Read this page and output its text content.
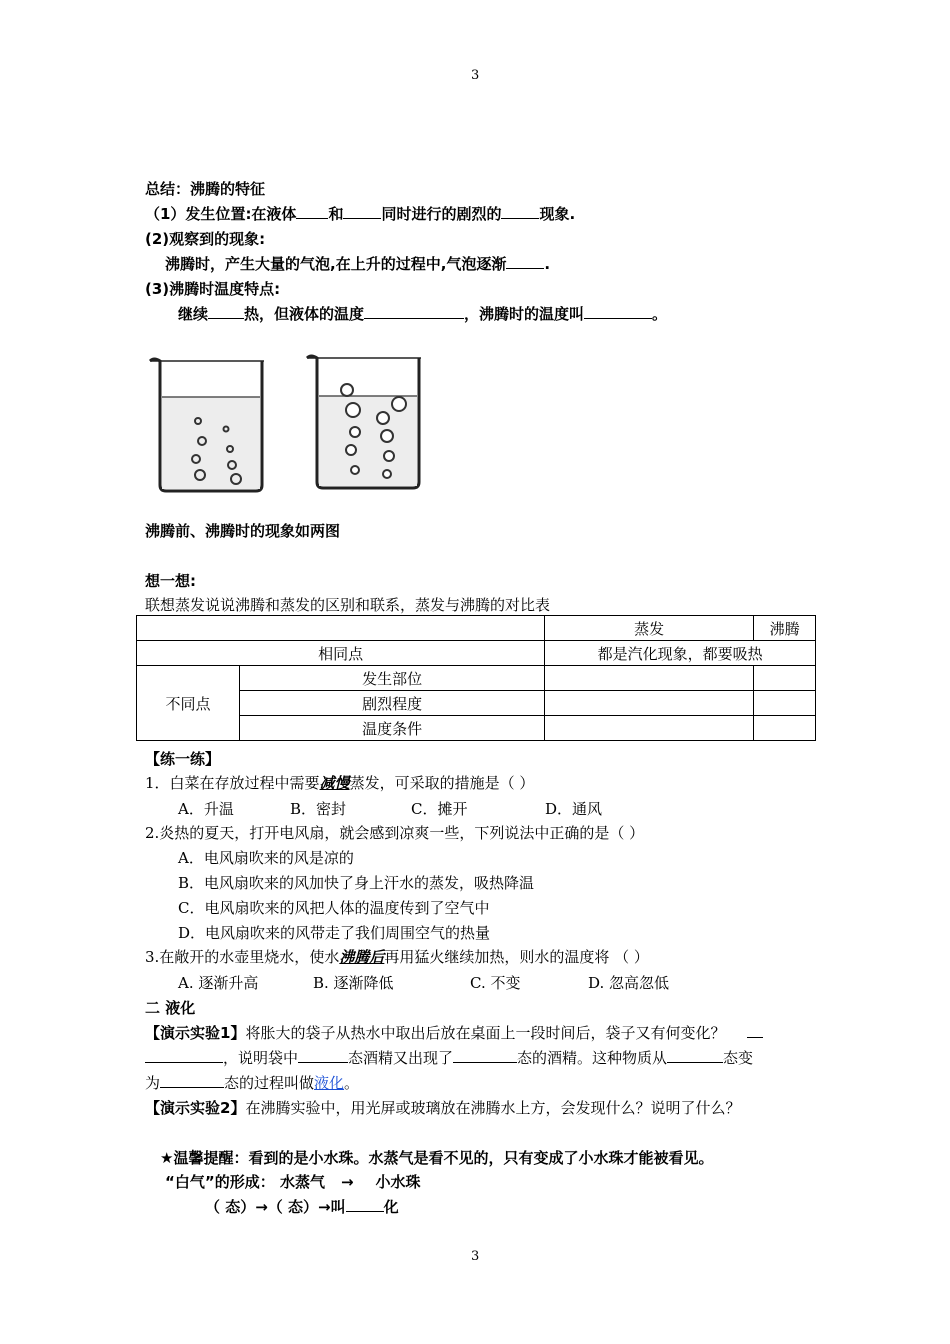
3
3
总结：沸腾的特征
（1）发生位置:在液体 和	同时进行的剧烈的	现象.
(2)观察到的现象:
沸腾时，产生大量的气泡,在上升的过程中,气泡逐渐	.
(3)沸腾时温度特点:
继续 热，但液体的温度	，沸腾时的温度叫	。
沸腾前、沸腾时的现象如两图
想一想:
联想蒸发说说沸腾和蒸发的区别和联系，蒸发与沸腾的对比表
		蒸发	沸腾
相同点		都是汽化现象，都要吸热	
不同点	发生部位		
	剧烈程度		
	温度条件		
【练一练】
1．白菜在存放过程中需要减慢蒸发，可采取的措施是（ ）
A．升温	B．密封	C．摊开	D．通风
2.炎热的夏天，打开电风扇，就会感到凉爽一些，下列说法中正确的是（ ）
A．电风扇吹来的风是凉的
B．电风扇吹来的风加快了身上汗水的蒸发，吸热降温
C．电风扇吹来的风把人体的温度传到了空气中
D．电风扇吹来的风带走了我们周围空气的热量
3.在敞开的水壶里烧水，使水沸腾后再用猛火继续加热，则水的温度将 （ ）
A. 逐渐升高	B. 逐渐降低	C. 不变	D. 忽高忽低
二 液化
【演示实验1】将胀大的袋子从热水中取出后放在桌面上一段时间后，袋子又有何变化？
，说明袋中	态酒精又出现了	态的酒精。这种物质从	态变
为	态的过程叫做液化。
【演示实验2】在沸腾实验中，用光屏或玻璃放在沸腾水上方，会发现什么？说明了什么？
★温馨提醒：看到的是小水珠。水蒸气是看不见的，只有变成了小水珠才能被看见。
“白气”的形成： 水蒸气 → 小水珠
（ 态）→（ 态）→叫	化
